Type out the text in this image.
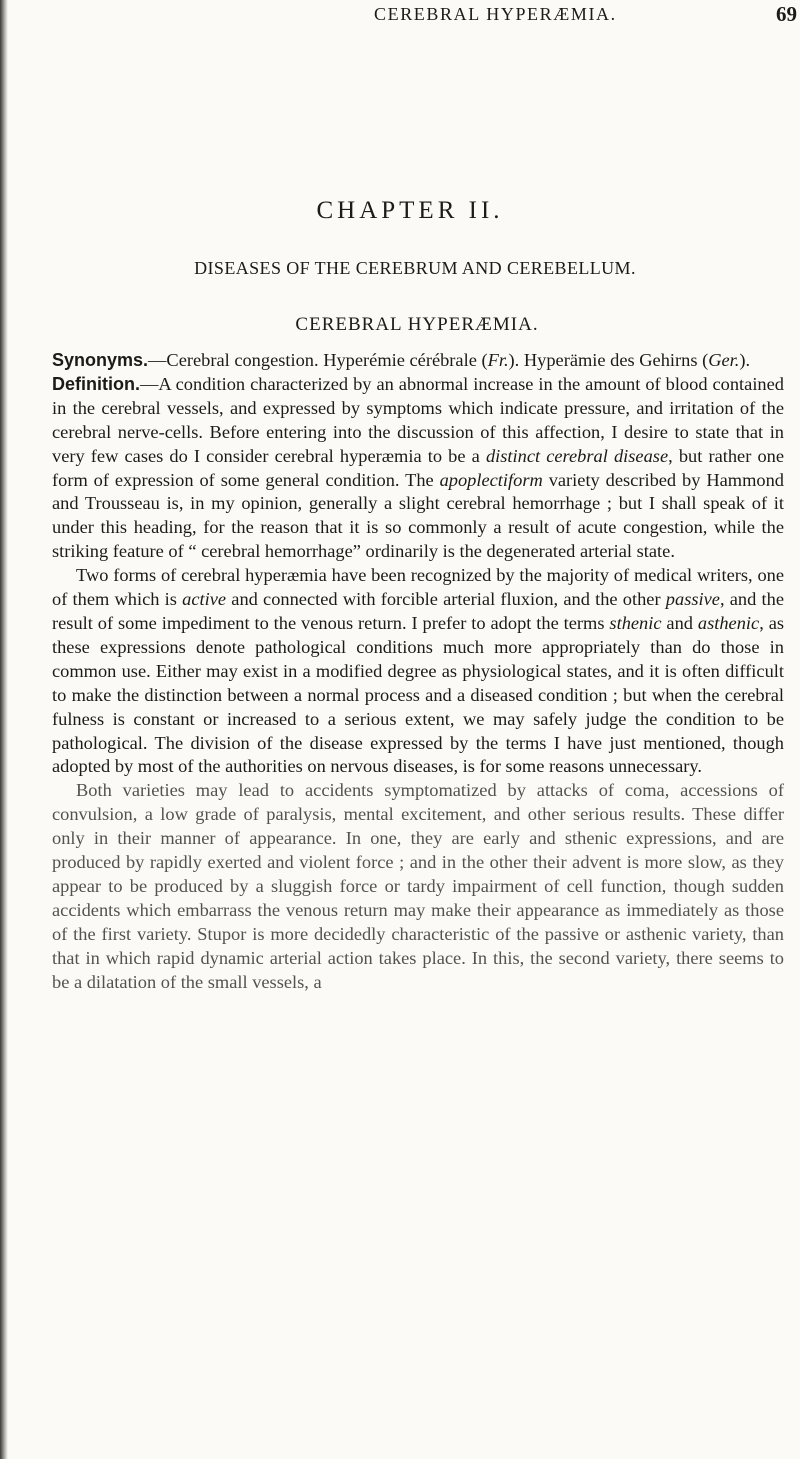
CEREBRAL HYPERÆMIA.	69
CHAPTER II.
DISEASES OF THE CEREBRUM AND CEREBELLUM.
CEREBRAL HYPERÆMIA.

Synonyms.—Cerebral congestion. Hyperémie cérébrale (Fr.). Hyperämie des Gehirns (Ger.).

Definition.—A condition characterized by an abnormal increase in the amount of blood contained in the cerebral vessels, and expressed by symptoms which indicate pressure, and irritation of the cerebral nerve-cells. Before entering into the discussion of this affection, I desire to state that in very few cases do I consider cerebral hyperæmia to be a distinct cerebral disease, but rather one form of expression of some general condition. The apoplectiform variety described by Hammond and Trousseau is, in my opinion, generally a slight cerebral hemorrhage ; but I shall speak of it under this heading, for the reason that it is so commonly a result of acute congestion, while the striking feature of “ cerebral hemorrhage” ordinarily is the degenerated arterial state.

Two forms of cerebral hyperæmia have been recognized by the majority of medical writers, one of them which is active and connected with forcible arterial fluxion, and the other passive, and the result of some impediment to the venous return. I prefer to adopt the terms sthenic and asthenic, as these expressions denote pathological conditions much more appropriately than do those in common use. Either may exist in a modified degree as physiological states, and it is often difficult to make the distinction between a normal process and a diseased condition ; but when the cerebral fulness is constant or increased to a serious extent, we may safely judge the condition to be pathological. The division of the disease expressed by the terms I have just mentioned, though adopted by most of the authorities on nervous diseases, is for some reasons unnecessary.

Both varieties may lead to accidents symptomatized by attacks of coma, accessions of convulsion, a low grade of paralysis, mental excitement, and other serious results. These differ only in their manner of appearance. In one, they are early and sthenic expressions, and are produced by rapidly exerted and violent force ; and in the other their advent is more slow, as they appear to be produced by a sluggish force or tardy impairment of cell function, though sudden accidents which embarrass the venous return may make their appearance as immediately as those of the first variety. Stupor is more decidedly characteristic of the passive or asthenic variety, than that in which rapid dynamic arterial action takes place. In this, the second variety, there seems to be a dilatation of the small vessels, a
